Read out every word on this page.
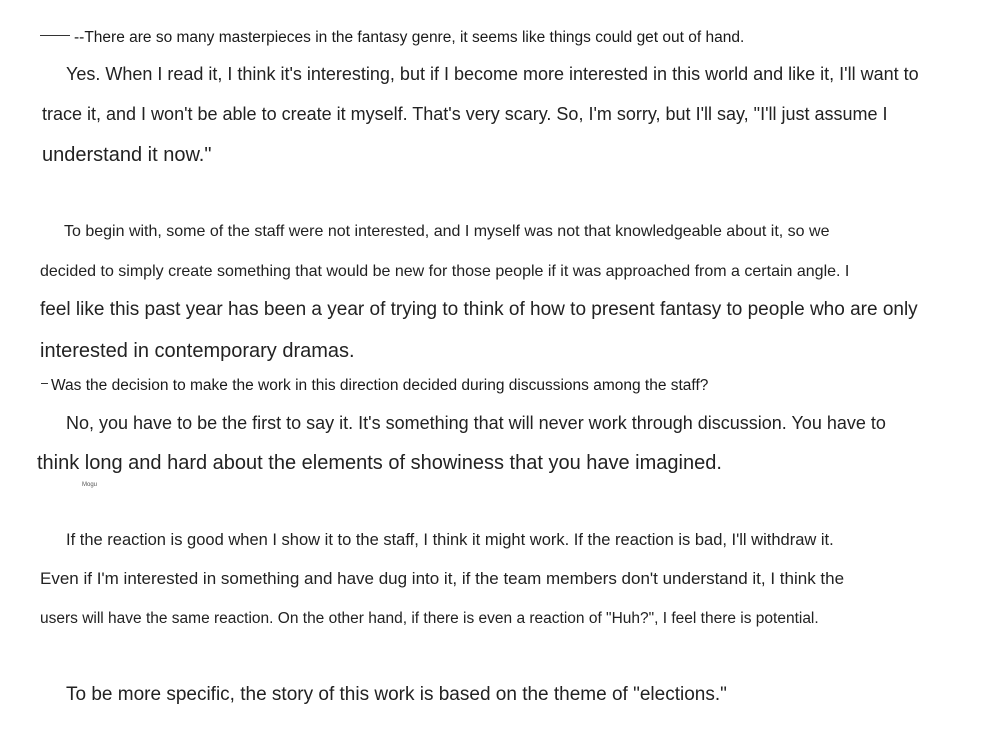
--There are so many masterpieces in the fantasy genre, it seems like things could get out of hand.

Yes. When I read it, I think it's interesting, but if I become more interested in this world and like it, I'll want to

trace it, and I won't be able to create it myself. That's very scary. So, I'm sorry, but I'll say, "I'll just assume I

understand it now."

To begin with, some of the staff were not interested, and I myself was not that knowledgeable about it, so we

decided to simply create something that would be new for those people if it was approached from a certain angle. I

feel like this past year has been a year of trying to think of how to present fantasy to people who are only

interested in contemporary dramas.

Was the decision to make the work in this direction decided during discussions among the staff?

No, you have to be the first to say it. It's something that will never work through discussion. You have to

think long and hard about the elements of showiness that you have imagined.

Mogu

If the reaction is good when I show it to the staff, I think it might work. If the reaction is bad, I'll withdraw it.

Even if I'm interested in something and have dug into it, if the team members don't understand it, I think the

users will have the same reaction. On the other hand, if there is even a reaction of "Huh?", I feel there is potential.

To be more specific, the story of this work is based on the theme of "elections."
